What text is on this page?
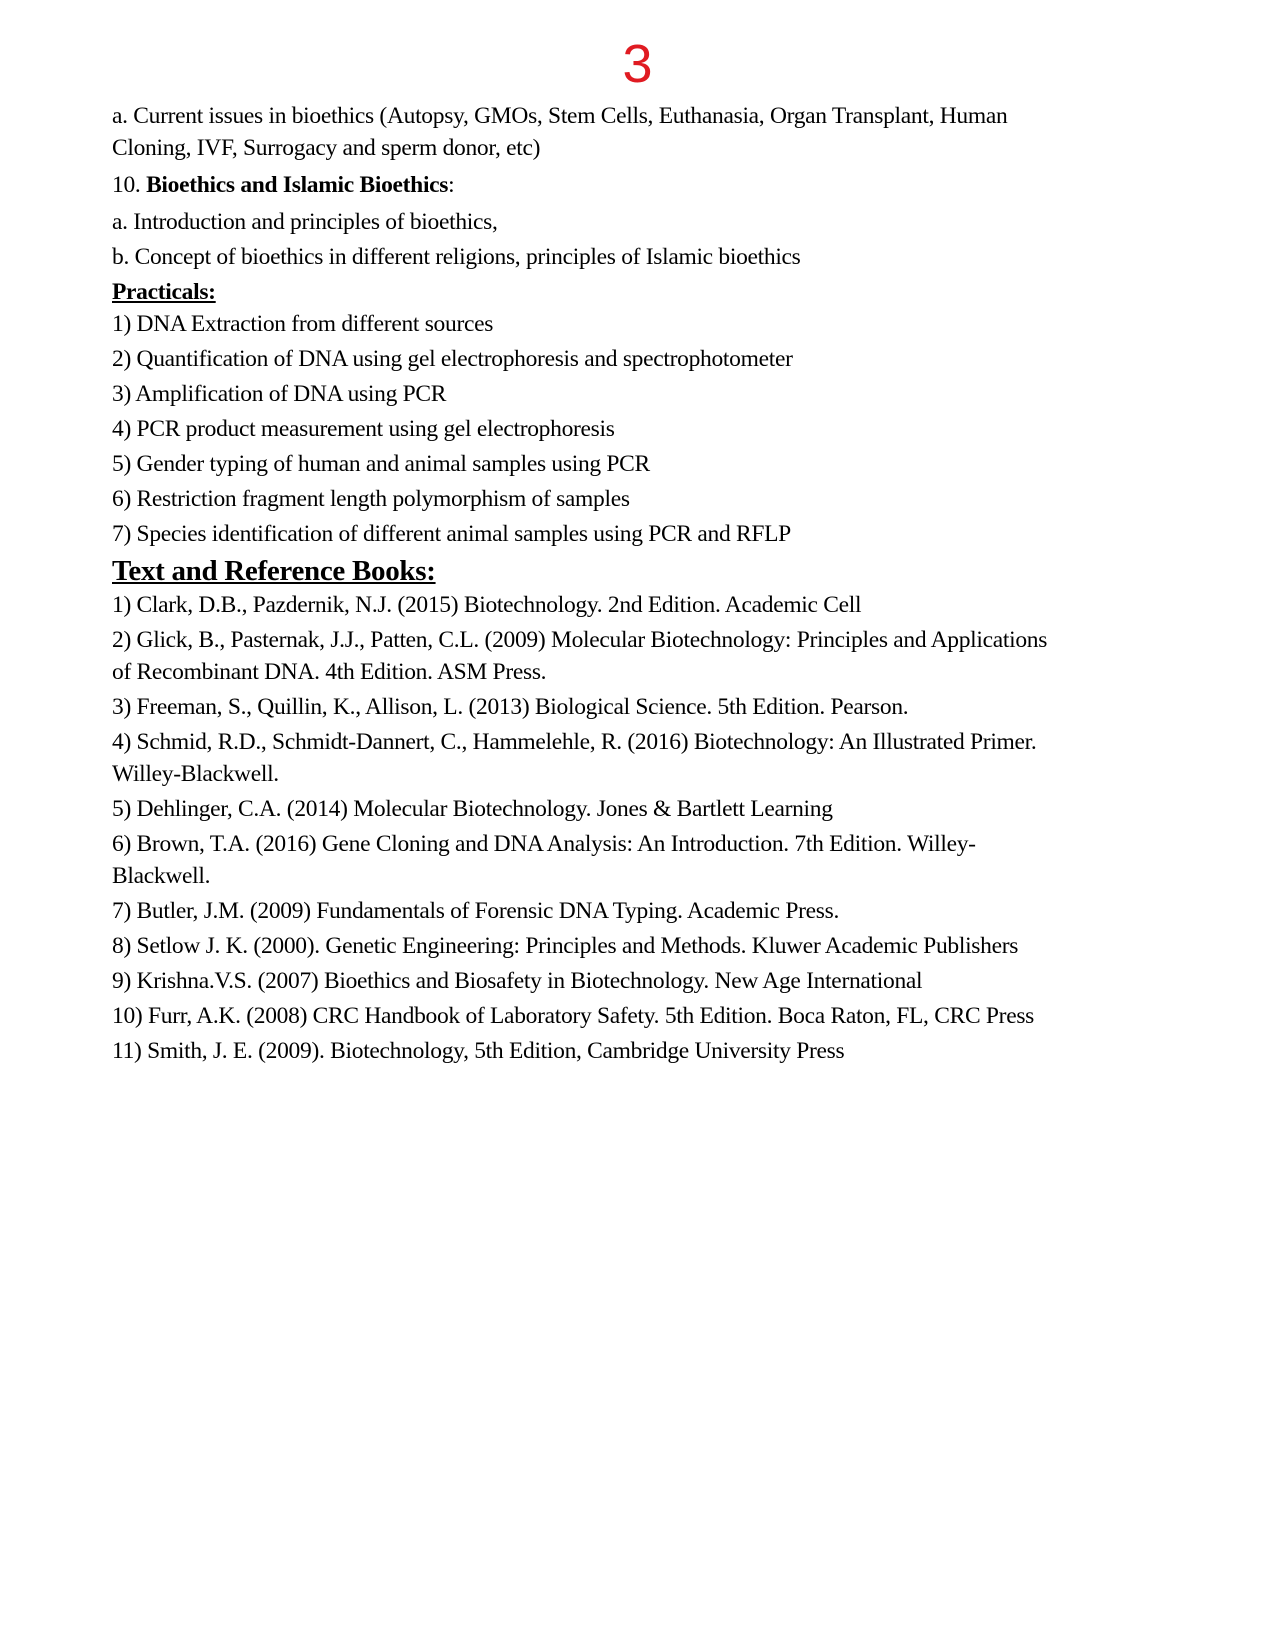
3
a. Current issues in bioethics (Autopsy, GMOs, Stem Cells, Euthanasia, Organ Transplant, Human
Cloning, IVF, Surrogacy and sperm donor, etc)
10. Bioethics and Islamic Bioethics:
a. Introduction and principles of bioethics,
b. Concept of bioethics in different religions, principles of Islamic bioethics
Practicals:
1) DNA Extraction from different sources
2) Quantification of DNA using gel electrophoresis and spectrophotometer
3) Amplification of DNA using PCR
4) PCR product measurement using gel electrophoresis
5) Gender typing of human and animal samples using PCR
6) Restriction fragment length polymorphism of samples
7) Species identification of different animal samples using PCR and RFLP
Text and Reference Books:
1) Clark, D.B., Pazdernik, N.J. (2015) Biotechnology. 2nd Edition. Academic Cell
2) Glick, B., Pasternak, J.J., Patten, C.L. (2009) Molecular Biotechnology: Principles and Applications
of Recombinant DNA. 4th Edition. ASM Press.
3) Freeman, S., Quillin, K., Allison, L. (2013) Biological Science. 5th Edition. Pearson.
4) Schmid, R.D., Schmidt-Dannert, C., Hammelehle, R. (2016) Biotechnology: An Illustrated Primer.
Willey-Blackwell.
5) Dehlinger, C.A. (2014) Molecular Biotechnology. Jones & Bartlett Learning
6) Brown, T.A. (2016) Gene Cloning and DNA Analysis: An Introduction. 7th Edition. Willey-
Blackwell.
7) Butler, J.M. (2009) Fundamentals of Forensic DNA Typing. Academic Press.
8) Setlow J. K. (2000). Genetic Engineering: Principles and Methods. Kluwer Academic Publishers
9) Krishna.V.S. (2007) Bioethics and Biosafety in Biotechnology. New Age International
10) Furr, A.K. (2008) CRC Handbook of Laboratory Safety. 5th Edition. Boca Raton, FL, CRC Press
11) Smith, J. E. (2009). Biotechnology, 5th Edition, Cambridge University Press
